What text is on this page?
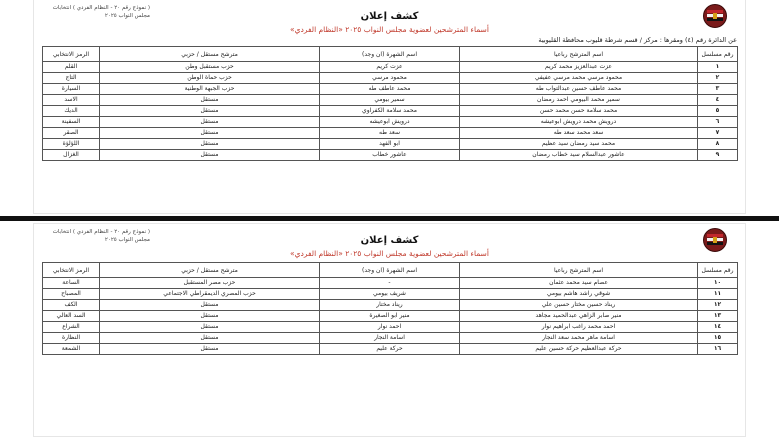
( نموذج رقم ٢٠ - النظام الفردي ) انتخابات مجلس النواب ٢٠٢٥	كشف إعلان
أسماء المترشحين لعضوية مجلس النواب ٢٠٢٥ «النظام الفردي»
عن الدائرة رقم (٤) ومقرها : مركز / قسم شرطة قليوب محافظة القليوبية
رقم مسلسل	اسم المترشح رباعيا	اسم الشهرة (ان وجد)	مترشح مستقل / حزبي	الرمز الانتخابي
١	عزت عبدالعزيز محمد كريم	عزت كريم	حزب مستقبل وطن	القلم
٢	محمود مرسي محمد مرسي عفيفي	محمود مرسي	حزب حماة الوطن	التاج
٣	محمد عاطف حسين عبدالتواب طه	محمد عاطف طه	حزب الجبهة الوطنية	السيارة
٤	سمير محمد البيومي احمد رمضان	سمير بيومي	مستقل	الاسد
٥	محمد سلامة حسن محمد حسن	محمد سلامة الكفراوي	مستقل	الديك
٦	درويش محمد درويش ابوعيشه	درويش ابوعيشه	مستقل	السفينة
٧	سعد محمد سعد طه	سعد طه	مستقل	الصقر
٨	محمد سيد رمضان سيد عظيم	ابو الفهد	مستقل	اللؤلؤة
٩	عاشور عبدالسلام سيد خطاب رمضان	عاشور خطاب	مستقل	الغزال
( نموذج رقم ٢٠ - النظام الفردي ) انتخابات مجلس النواب ٢٠٢٥	كشف إعلان
أسماء المترشحين لعضوية مجلس النواب ٢٠٢٥ «النظام الفردي»
رقم مسلسل	اسم المترشح رباعيا	اسم الشهرة (ان وجد)	مترشح مستقل / حزبي	الرمز الانتخابي
١٠	عصام سيد محمد عثمان	-	حزب مصر المستقبل	الساعة
١١	شوقي راشد هاشم بيومي	شريف بيومي	حزب المصري الديمقراطي الاجتماعي	المصباح
١٢	ريناد حسين مختار حسين علي	ريناد مختار	مستقل	الكف
١٣	منير صابر الزاهي عبدالحميد مجاهد	منير ابو الصغيرة	مستقل	السد العالي
١٤	احمد محمد راغب ابراهيم نوار	احمد نوار	مستقل	الشراع
١٥	اسامة ماهر محمد سعد النجار	اسامة النجار	مستقل	النظارة
١٦	حركة عبدالعظيم حركة حسين عليم	حركة عليم	مستقل	الشمعة
